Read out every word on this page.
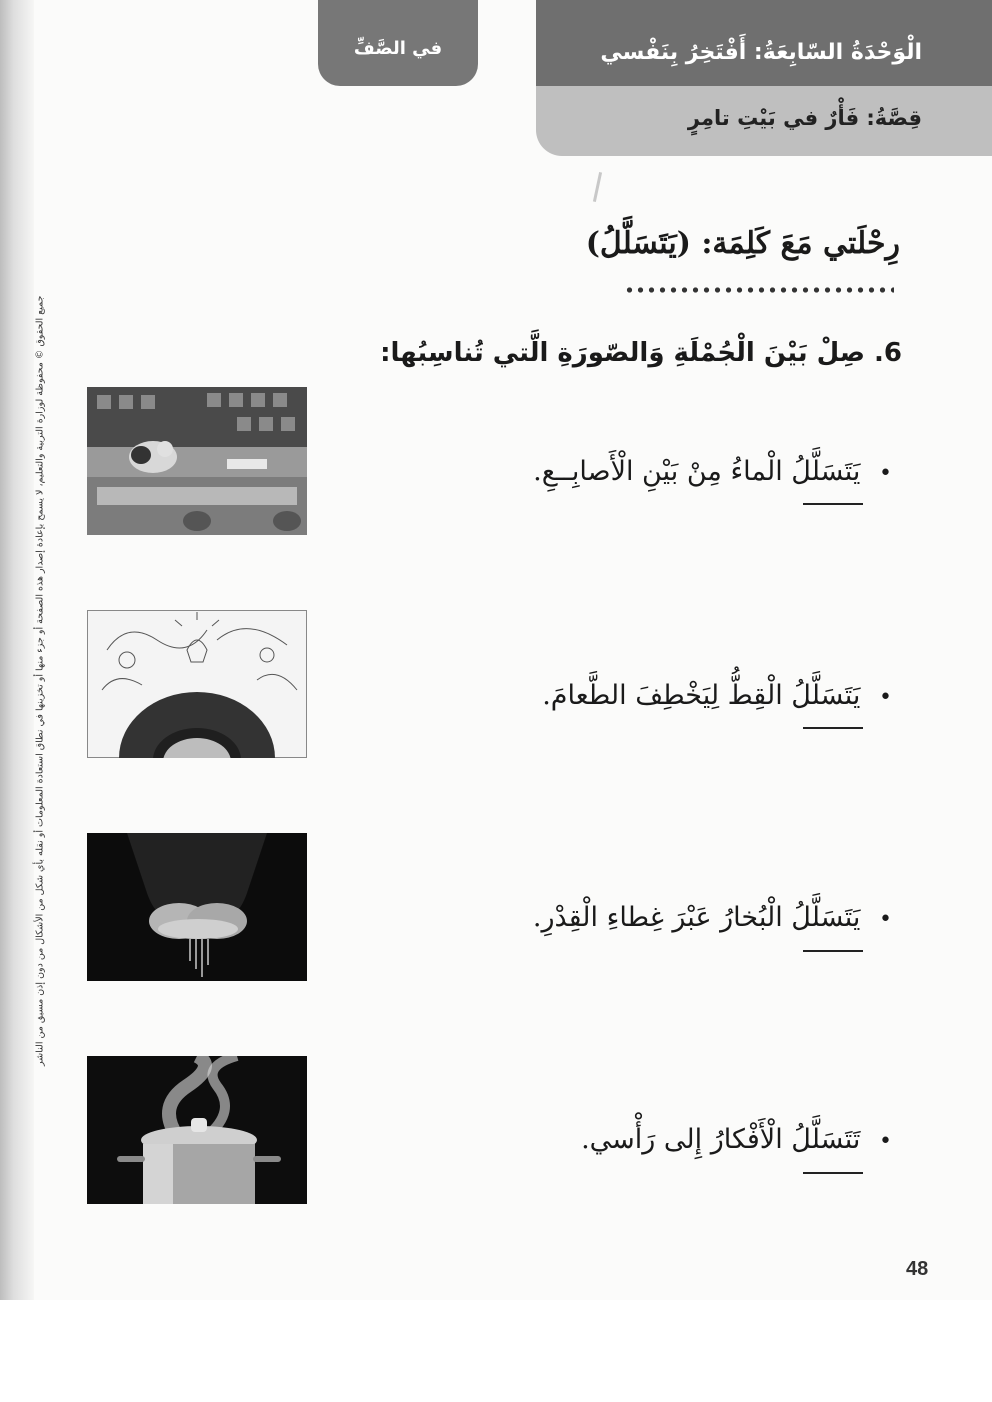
في الصَّفِّ	الْوَحْدَةُ السّابِعَةُ: أَفْتَخِرُ بِنَفْسي
قِصَّةُ: فَأْرٌ في بَيْتِ تامِرٍ
رِحْلَتي مَعَ كَلِمَة: (يَتَسَلَّلُ)
جميع الحقوق © محفوظة لوزارة التربية والتعليم، لا يسمح بإعادة إصدار هذه الصفحة أو جزء منها أو تخزينها في نطاق استعادة المعلومات أو نقله بأي شكل من الأشكال من دون إذن مسبق من الناشر	6. صِلْ بَيْنَ الْجُمْلَةِ وَالصّورَةِ الَّتي تُناسِبُها:
• يَتَسَلَّلُ الْماءُ مِنْ بَيْنِ الْأَصابِــعِ.
• يَتَسَلَّلُ الْقِطُّ لِيَخْطِفَ الطَّعامَ.
• يَتَسَلَّلُ الْبُخارُ عَبْرَ غِطاءِ الْقِدْرِ.
• تَتَسَلَّلُ الْأَفْكارُ إِلى رَأْسي.
48
